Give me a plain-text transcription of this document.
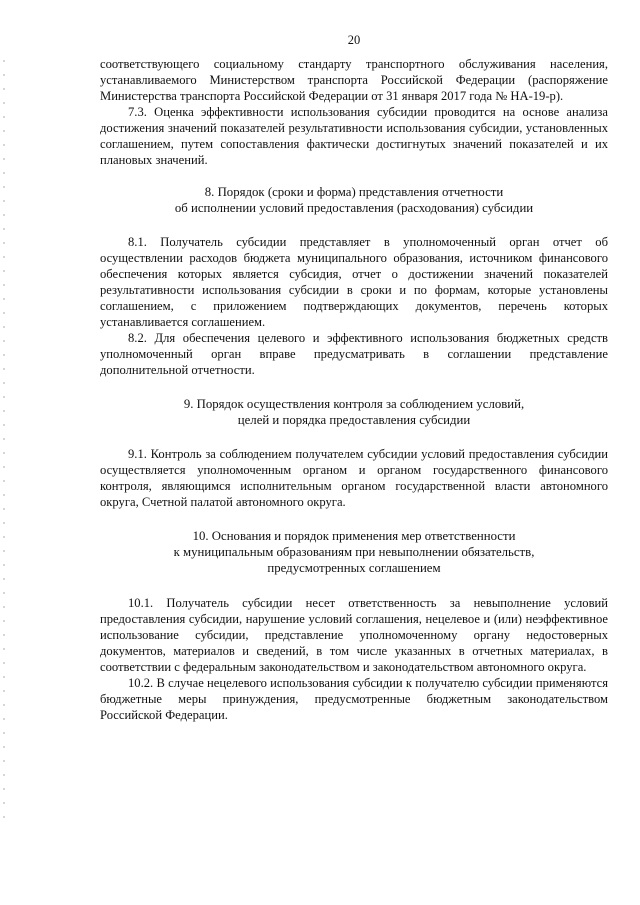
20

соответствующего социальному стандарту транспортного обслуживания населения, устанавливаемого Министерством транспорта Российской Федерации (распоряжение Министерства транспорта Российской Федерации от 31 января 2017 года № НА-19-р).

7.3. Оценка эффективности использования субсидии проводится на основе анализа достижения значений показателей результативности использования субсидии, установленных соглашением, путем сопоставления фактически достигнутых значений показателей и их плановых значений.

8. Порядок (сроки и форма) представления отчетности
об исполнении условий предоставления (расходования) субсидии

8.1. Получатель субсидии представляет в уполномоченный орган отчет об осуществлении расходов бюджета муниципального образования, источником финансового обеспечения которых является субсидия, отчет о достижении значений показателей результативности использования субсидии в сроки и по формам, которые установлены соглашением, с приложением подтверждающих документов, перечень которых устанавливается соглашением.

8.2. Для обеспечения целевого и эффективного использования бюджетных средств уполномоченный орган вправе предусматривать в соглашении представление дополнительной отчетности.

9. Порядок осуществления контроля за соблюдением условий,
целей и порядка предоставления субсидии

9.1. Контроль за соблюдением получателем субсидии условий предоставления субсидии осуществляется уполномоченным органом и органом государственного финансового контроля, являющимся исполнительным органом государственной власти автономного округа, Счетной палатой автономного округа.

10. Основания и порядок применения мер ответственности
к муниципальным образованиям при невыполнении обязательств,
предусмотренных соглашением

10.1. Получатель субсидии несет ответственность за невыполнение условий предоставления субсидии, нарушение условий соглашения, нецелевое и (или) неэффективное использование субсидии, представление уполномоченному органу недостоверных документов, материалов и сведений, в том числе указанных в отчетных материалах, в соответствии с федеральным законодательством и законодательством автономного округа.

10.2. В случае нецелевого использования субсидии к получателю субсидии применяются бюджетные меры принуждения, предусмотренные бюджетным законодательством Российской Федерации.
